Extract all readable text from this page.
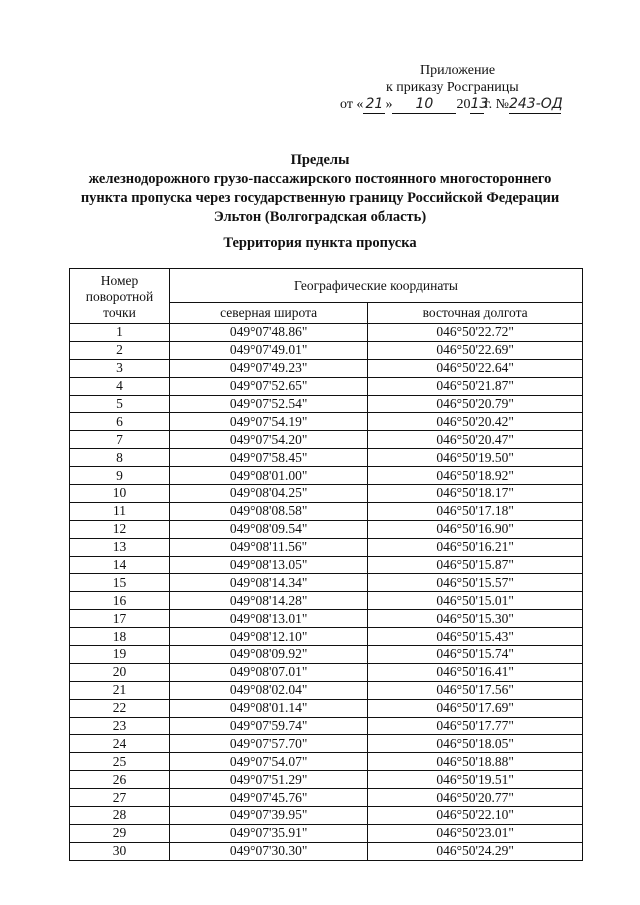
Приложение
к приказу Росграницы
от « 21 » 10 2013г. №243-ОД
Пределы
железнодорожного грузо-пассажирского постоянного многостороннего
пункта пропуска через государственную границу Российской Федерации
Эльтон (Волгоградская область)
Территория пункта пропуска
Номер поворотной точки	Географические координаты	
	северная широта	восточная долгота
1	049°07'48.86"	046°50'22.72"
2	049°07'49.01"	046°50'22.69"
3	049°07'49.23"	046°50'22.64"
4	049°07'52.65"	046°50'21.87"
5	049°07'52.54"	046°50'20.79"
6	049°07'54.19"	046°50'20.42"
7	049°07'54.20"	046°50'20.47"
8	049°07'58.45"	046°50'19.50"
9	049°08'01.00"	046°50'18.92"
10	049°08'04.25"	046°50'18.17"
11	049°08'08.58"	046°50'17.18"
12	049°08'09.54"	046°50'16.90"
13	049°08'11.56"	046°50'16.21"
14	049°08'13.05"	046°50'15.87"
15	049°08'14.34"	046°50'15.57"
16	049°08'14.28"	046°50'15.01"
17	049°08'13.01"	046°50'15.30"
18	049°08'12.10"	046°50'15.43"
19	049°08'09.92"	046°50'15.74"
20	049°08'07.01"	046°50'16.41"
21	049°08'02.04"	046°50'17.56"
22	049°08'01.14"	046°50'17.69"
23	049°07'59.74"	046°50'17.77"
24	049°07'57.70"	046°50'18.05"
25	049°07'54.07"	046°50'18.88"
26	049°07'51.29"	046°50'19.51"
27	049°07'45.76"	046°50'20.77"
28	049°07'39.95"	046°50'22.10"
29	049°07'35.91"	046°50'23.01"
30	049°07'30.30"	046°50'24.29"
